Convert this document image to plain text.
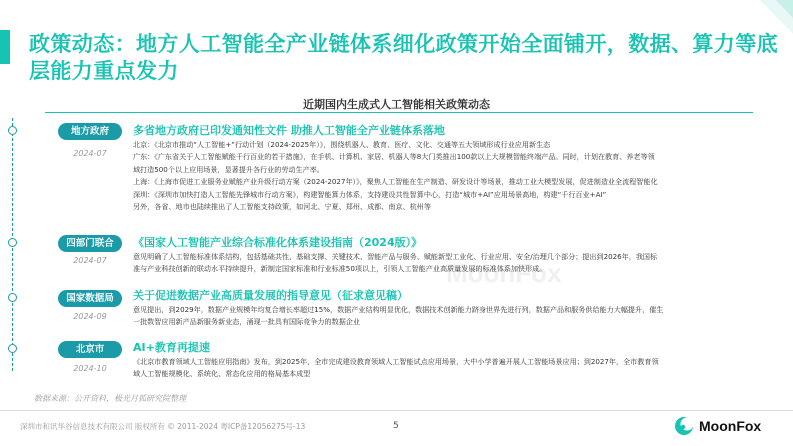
政策动态：地方人工智能全产业链体系细化政策开始全面铺开，数据、算力等底层能力重点发力
近期国内生成式人工智能相关政策动态
地方政府
2024-07
多省地方政府已印发通知性文件 助推人工智能全产业链体系落地

北京：《北京市推动“人工智能+”行动计划（2024-2025年）》，围绕机器人、教育、医疗、文化、交通等五大领域形成行业应用新生态

广东：《广东省关于人工智能赋能千行百业的若干措施》，在手机、计算机、家居、机器人等8大门类推出100款以上大规模智能终端产品。同时，计划在教育、养老等领

域打造500个以上应用场景，显著提升各行业的劳动生产率。

上海：《上海市促进工业服务业赋能产业升级行动方案（2024-2027年）》，聚焦人工智能在生产制造、研发设计等场景，推动工业大模型发展，促进制造业全流程智能化

深圳：《深圳市加快打造人工智能先锋城市行动方案》，构建智能算力体系，支持建设共性智算中心，打造“城市+AI”应用场景高地，构建“千行百业+AI”

另外，各省、地市也陆续推出了人工智能支持政策，如河北、宁夏、郑州、成都、南京、杭州等

四部门联合
2024-07
《国家人工智能产业综合标准化体系建设指南（2024版）》

意见明确了人工智能标准体系结构，包括基础共性、基础支撑、关键技术、智能产品与服务、赋能新型工业化、行业应用、安全/治理几个部分；提出到2026年，我国标

准与产业科技创新的联动水平持续提升，新制定国家标准和行业标准50项以上，引领人工智能产业高质量发展的标准体系加快形成。

国家数据局
2024-09
关于促进数据产业高质量发展的指导意见（征求意见稿）

意见提出，到2029年，数据产业规模年均复合增长率超过15%，数据产业结构明显优化，数据技术创新能力跻身世界先进行列，数据产品和服务供给能力大幅提升，催生

一批数智应用新产品新服务新业态，涌现一批具有国际竞争力的数据企业

北京市
2024-10
AI+教育再提速

《北京市教育领域人工智能应用指南》发布，到2025年，全市完成建设教育领域人工智能试点应用场景，大中小学普遍开展人工智能场景应用；到2027年，全市教育领

域人工智能规模化、系统化、常态化应用的格局基本成型

MoonFox
数据来源：公开资料，极光月狐研究院整理
深圳市和讯华谷信息技术有限公司 版权所有 © 2011-2024 粤ICP备12056275号-13	5	MoonFox
